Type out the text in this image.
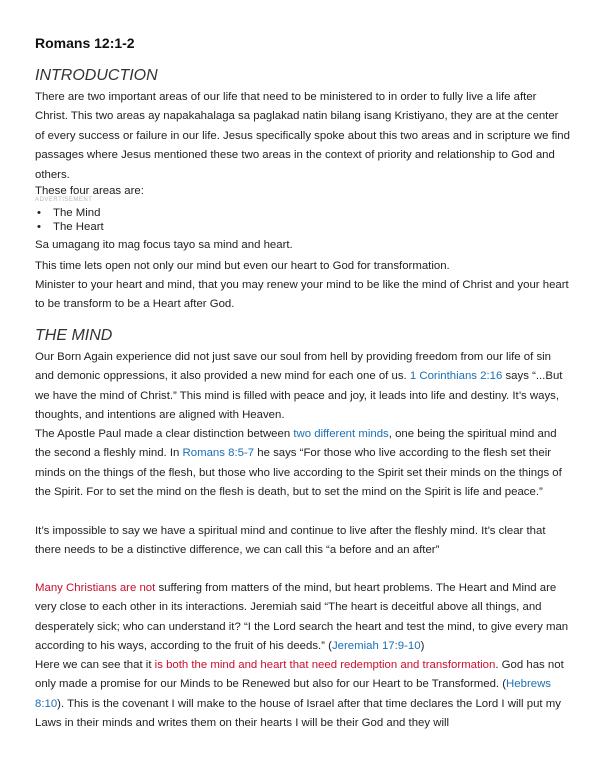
Romans 12:1-2
INTRODUCTION

There are two important areas of our life that need to be ministered to in order to fully live a life after Christ. This two areas ay napakahalaga sa paglakad natin bilang isang Kristiyano, they are at the center of every success or failure in our life. Jesus specifically spoke about this two areas and in scripture we find passages where Jesus mentioned these two areas in the context of priority and relationship to God and others.

These four areas are:

ADVERTISEMENT
• The Mind
• The Heart

Sa umagang ito mag focus tayo sa mind and heart.

This time lets open not only our mind but even our heart to God for transformation.

Minister to your heart and mind, that you may renew your mind to be like the mind of Christ and your heart to be transform to be a Heart after God.

THE MIND

Our Born Again experience did not just save our soul from hell by providing freedom from our life of sin and demonic oppressions, it also provided a new mind for each one of us. 1 Corinthians 2:16 says “...But we have the mind of Christ.” This mind is filled with peace and joy, it leads into life and destiny. It’s ways, thoughts, and intentions are aligned with Heaven.

The Apostle Paul made a clear distinction between two different minds, one being the spiritual mind and the second a fleshly mind. In Romans 8:5-7 he says “For those who live according to the flesh set their minds on the things of the flesh, but those who live according to the Spirit set their minds on the things of the Spirit. For to set the mind on the flesh is death, but to set the mind on the Spirit is life and peace.”

It’s impossible to say we have a spiritual mind and continue to live after the fleshly mind. It’s clear that there needs to be a distinctive difference, we can call this “a before and an after”

Many Christians are not suffering from matters of the mind, but heart problems. The Heart and Mind are very close to each other in its interactions. Jeremiah said “The heart is deceitful above all things, and desperately sick; who can understand it? “I the Lord search the heart and test the mind, to give every man according to his ways, according to the fruit of his deeds.” (Jeremiah 17:9-10)

Here we can see that it is both the mind and heart that need redemption and transformation. God has not only made a promise for our Minds to be Renewed but also for our Heart to be Transformed. (Hebrews 8:10). This is the covenant I will make to the house of Israel after that time declares the Lord I will put my Laws in their minds and writes them on their hearts I will be their God and they will
